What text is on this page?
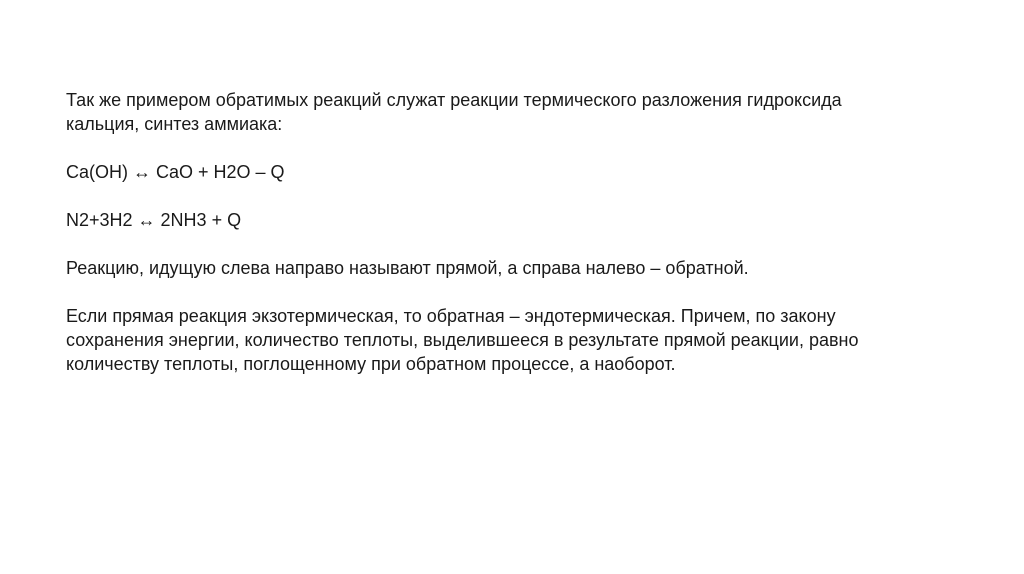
Так же примером обратимых реакций служат реакции термического разложения гидроксида
кальция, синтез аммиака:

Ca(OH) ↔ CaO + H2O – Q

N2+3H2 ↔ 2NH3 + Q

Реакцию, идущую слева направо называют прямой, а справа налево – обратной.

Если прямая реакция экзотермическая, то обратная – эндотермическая. Причем, по закону
сохранения энергии, количество теплоты, выделившееся в результате прямой реакции, равно
количеству теплоты, поглощенному при обратном процессе, а наоборот.
